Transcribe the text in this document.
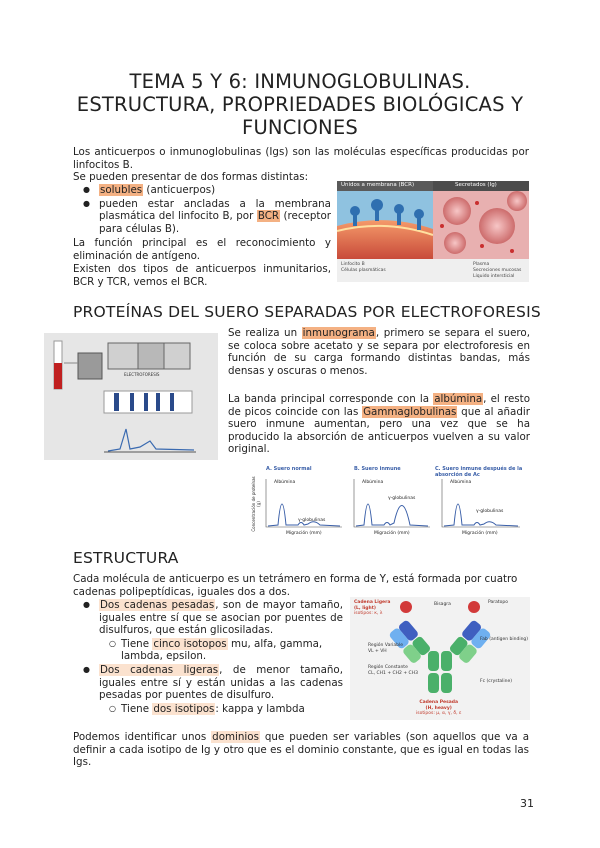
TEMA 5 Y 6: INMUNOGLOBULINAS. ESTRUCTURA, PROPRIEDADES BIOLÓGICAS Y FUNCIONES
Los anticuerpos o inmunoglobulinas (Igs) son las moléculas específicas producidas por linfocitos B.
Se pueden presentar de dos formas distintas:
● solubles (anticuerpos)
● pueden estar ancladas a la membrana plasmática del linfocito B, por BCR (receptor para células B).
La función principal es el reconocimiento y eliminación de antígeno.
Existen dos tipos de anticuerpos inmunitarios, BCR y TCR, vemos el BCR.
Unidos a membrana (BCR)	Secretados (Ig)
Linfocito B
Células plasmáticas
Plasma
Secreciones mucosas
Líquido intersticial
PROTEÍNAS DEL SUERO SEPARADAS POR ELECTROFORESIS
ELECTROFORESIS
Se realiza un inmunograma, primero se separa el suero, se coloca sobre acetato y se separa por electroforesis en función de su carga formando distintas bandas, más densas y oscuras o menos.
La banda principal corresponde con la albúmina, el resto de picos coincide con las Gammaglobulinas que al añadir suero inmune aumentan, pero una vez que se ha producido la absorción de anticuerpos vuelven a su valor original.
A. Suero normal	B. Suero inmune	C. Suero inmune después de la absorción de Ac
Albúmina	Albúmina	Albúmina
γ-globulinas
γ-globulinas
γ-globulinas
Concentración de proteínas (g)
Migración (mm)	Migración (mm)	Migración (mm)
ESTRUCTURA
Cada molécula de anticuerpo es un tetrámero en forma de Y, está formada por cuatro cadenas polipeptídicas, iguales dos a dos.
● Dos cadenas pesadas, son de mayor tamaño, iguales entre sí que se asocian por puentes de disulfuros, que están glicosiladas.
○ Tiene cinco isotopos mu, alfa, gamma, lambda, epsilon.
● Dos cadenas ligeras, de menor tamaño, iguales entre sí y están unidas a las cadenas pesadas por puentes de disulfuro.
○ Tiene dos isotipos: kappa y lambda
Cadena Ligera
(L, light)
isotipos: κ, λ
Bisagra	Paratopo
Región Variable
VL + VH
Región Constante
CL, CH1 + CH2 + CH3
Fab (antigen binding)
Fc (crystaline)
Cadena Pesada
(H, heavy)
isotipos: μ, α, γ, δ, ε
Podemos identificar unos dominios que pueden ser variables (son aquellos que va a definir a cada isotipo de Ig y otro que es el dominio constante, que es igual en todas las Igs.
31
